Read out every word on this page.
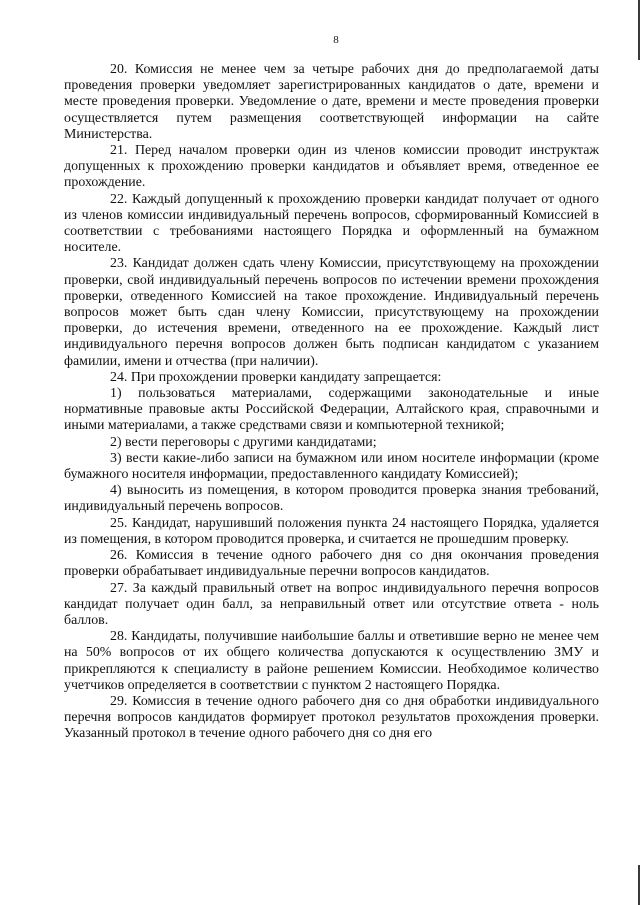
8

20. Комиссия не менее чем за четыре рабочих дня до предполагаемой даты проведения проверки уведомляет зарегистрированных кандидатов о дате, времени и месте проведения проверки. Уведомление о дате, времени и месте проведения проверки осуществляется путем размещения соответствующей информации на сайте Министерства.

21. Перед началом проверки один из членов комиссии проводит инструктаж допущенных к прохождению проверки кандидатов и объявляет время, отведенное ее прохождение.

22. Каждый допущенный к прохождению проверки кандидат получает от одного из членов комиссии индивидуальный перечень вопросов, сформированный Комиссией в соответствии с требованиями настоящего Порядка и оформленный на бумажном носителе.

23. Кандидат должен сдать члену Комиссии, присутствующему на прохождении проверки, свой индивидуальный перечень вопросов по истечении времени прохождения проверки, отведенного Комиссией на такое прохождение. Индивидуальный перечень вопросов может быть сдан члену Комиссии, присутствующему на прохождении проверки, до истечения времени, отведенного на ее прохождение. Каждый лист индивидуального перечня вопросов должен быть подписан кандидатом с указанием фамилии, имени и отчества (при наличии).

24. При прохождении проверки кандидату запрещается:

1) пользоваться материалами, содержащими законодательные и иные нормативные правовые акты Российской Федерации, Алтайского края, справочными и иными материалами, а также средствами связи и компьютерной техникой;

2) вести переговоры с другими кандидатами;

3) вести какие-либо записи на бумажном или ином носителе информации (кроме бумажного носителя информации, предоставленного кандидату Комиссией);

4) выносить из помещения, в котором проводится проверка знания требований, индивидуальный перечень вопросов.

25. Кандидат, нарушивший положения пункта 24 настоящего Порядка, удаляется из помещения, в котором проводится проверка, и считается не прошедшим проверку.

26. Комиссия в течение одного рабочего дня со дня окончания проведения проверки обрабатывает индивидуальные перечни вопросов кандидатов.

27. За каждый правильный ответ на вопрос индивидуального перечня вопросов кандидат получает один балл, за неправильный ответ или отсутствие ответа - ноль баллов.

28. Кандидаты, получившие наибольшие баллы и ответившие верно не менее чем на 50% вопросов от их общего количества допускаются к осуществлению ЗМУ и прикрепляются к специалисту в районе решением Комиссии. Необходимое количество учетчиков определяется в соответствии с пунктом 2 настоящего Порядка.

29. Комиссия в течение одного рабочего дня со дня обработки индивидуального перечня вопросов кандидатов формирует протокол результатов прохождения проверки. Указанный протокол в течение одного рабочего дня со дня его
